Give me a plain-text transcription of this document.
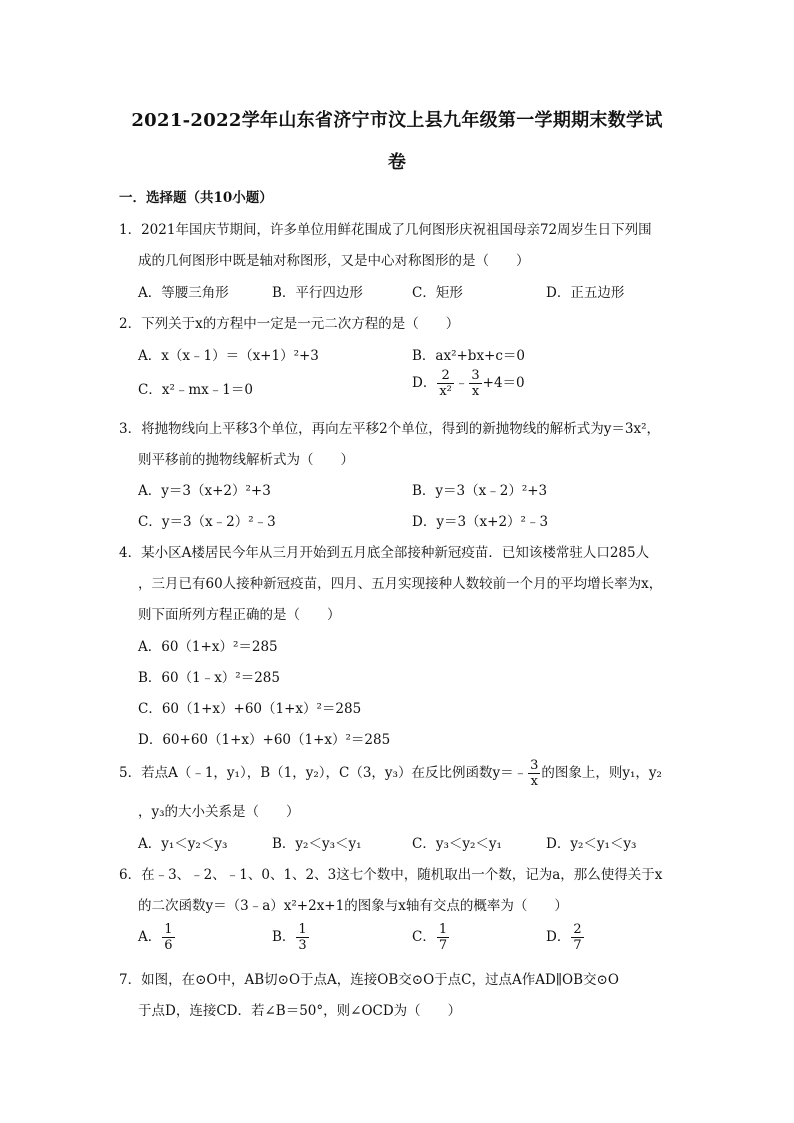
2021-2022学年山东省济宁市汶上县九年级第一学期期末数学试
卷
一．选择题（共10小题）
1．2021年国庆节期间，许多单位用鲜花围成了几何图形庆祝祖国母亲72周岁生日下列围
成的几何图形中既是轴对称图形，又是中心对称图形的是（　　）
A．等腰三角形	B．平行四边形	C．矩形	D．正五边形
2．下列关于x的方程中一定是一元二次方程的是（　　）
A．x（x﹣1）＝（x+1）²+3	B．ax²+bx+c＝0
C．x²﹣mx﹣1＝0	D． $\frac{2}{\text{x²}}$ ﹣ $\frac{3}{x} +4=0$
3．将抛物线向上平移3个单位，再向左平移2个单位，得到的新抛物线的解析式为y＝3x²，
则平移前的抛物线解析式为（　　）
A．y＝3（x+2）²+3	B．y＝3（x﹣2）²+3
C．y＝3（x﹣2）²﹣3	D．y＝3（x+2）²﹣3
4．某小区A楼居民今年从三月开始到五月底全部接种新冠疫苗．已知该楼常驻人口285人
，三月已有60人接种新冠疫苗，四月、五月实现接种人数较前一个月的平均增长率为x，
则下面所列方程正确的是（　　）
A．60（1+x）²＝285
B．60（1﹣x）²＝285
C．60（1+x）+60（1+x）²＝285
D．60+60（1+x）+60（1+x）²＝285
5．若点A（﹣1，y₁），B（1，y₂），C（3，y₃）在反比例函数y＝﹣ $\frac{3}{x}$ 的图象上，则y₁，y₂
，y₃的大小关系是（　　）
A．y₁＜y₂＜y₃	B．y₂＜y₃＜y₁	C．y₃＜y₂＜y₁	D．y₂＜y₁＜y₃
6．在﹣3、﹣2、﹣1、0、1、2、3这七个数中，随机取出一个数，记为a，那么使得关于x
的二次函数y＝（3﹣a）x²+2x+1的图象与x轴有交点的概率为（　　）
A． $\frac{1}{6}$	B． $\frac{1}{3}$	C． $\frac{1}{7}$	D． $\frac{2}{7}$
7．如图，在⊙O中，AB切⊙O于点A，连接OB交⊙O于点C，过点A作AD∥OB交⊙O
于点D，连接CD．若∠B＝50°，则∠OCD为（　　）
